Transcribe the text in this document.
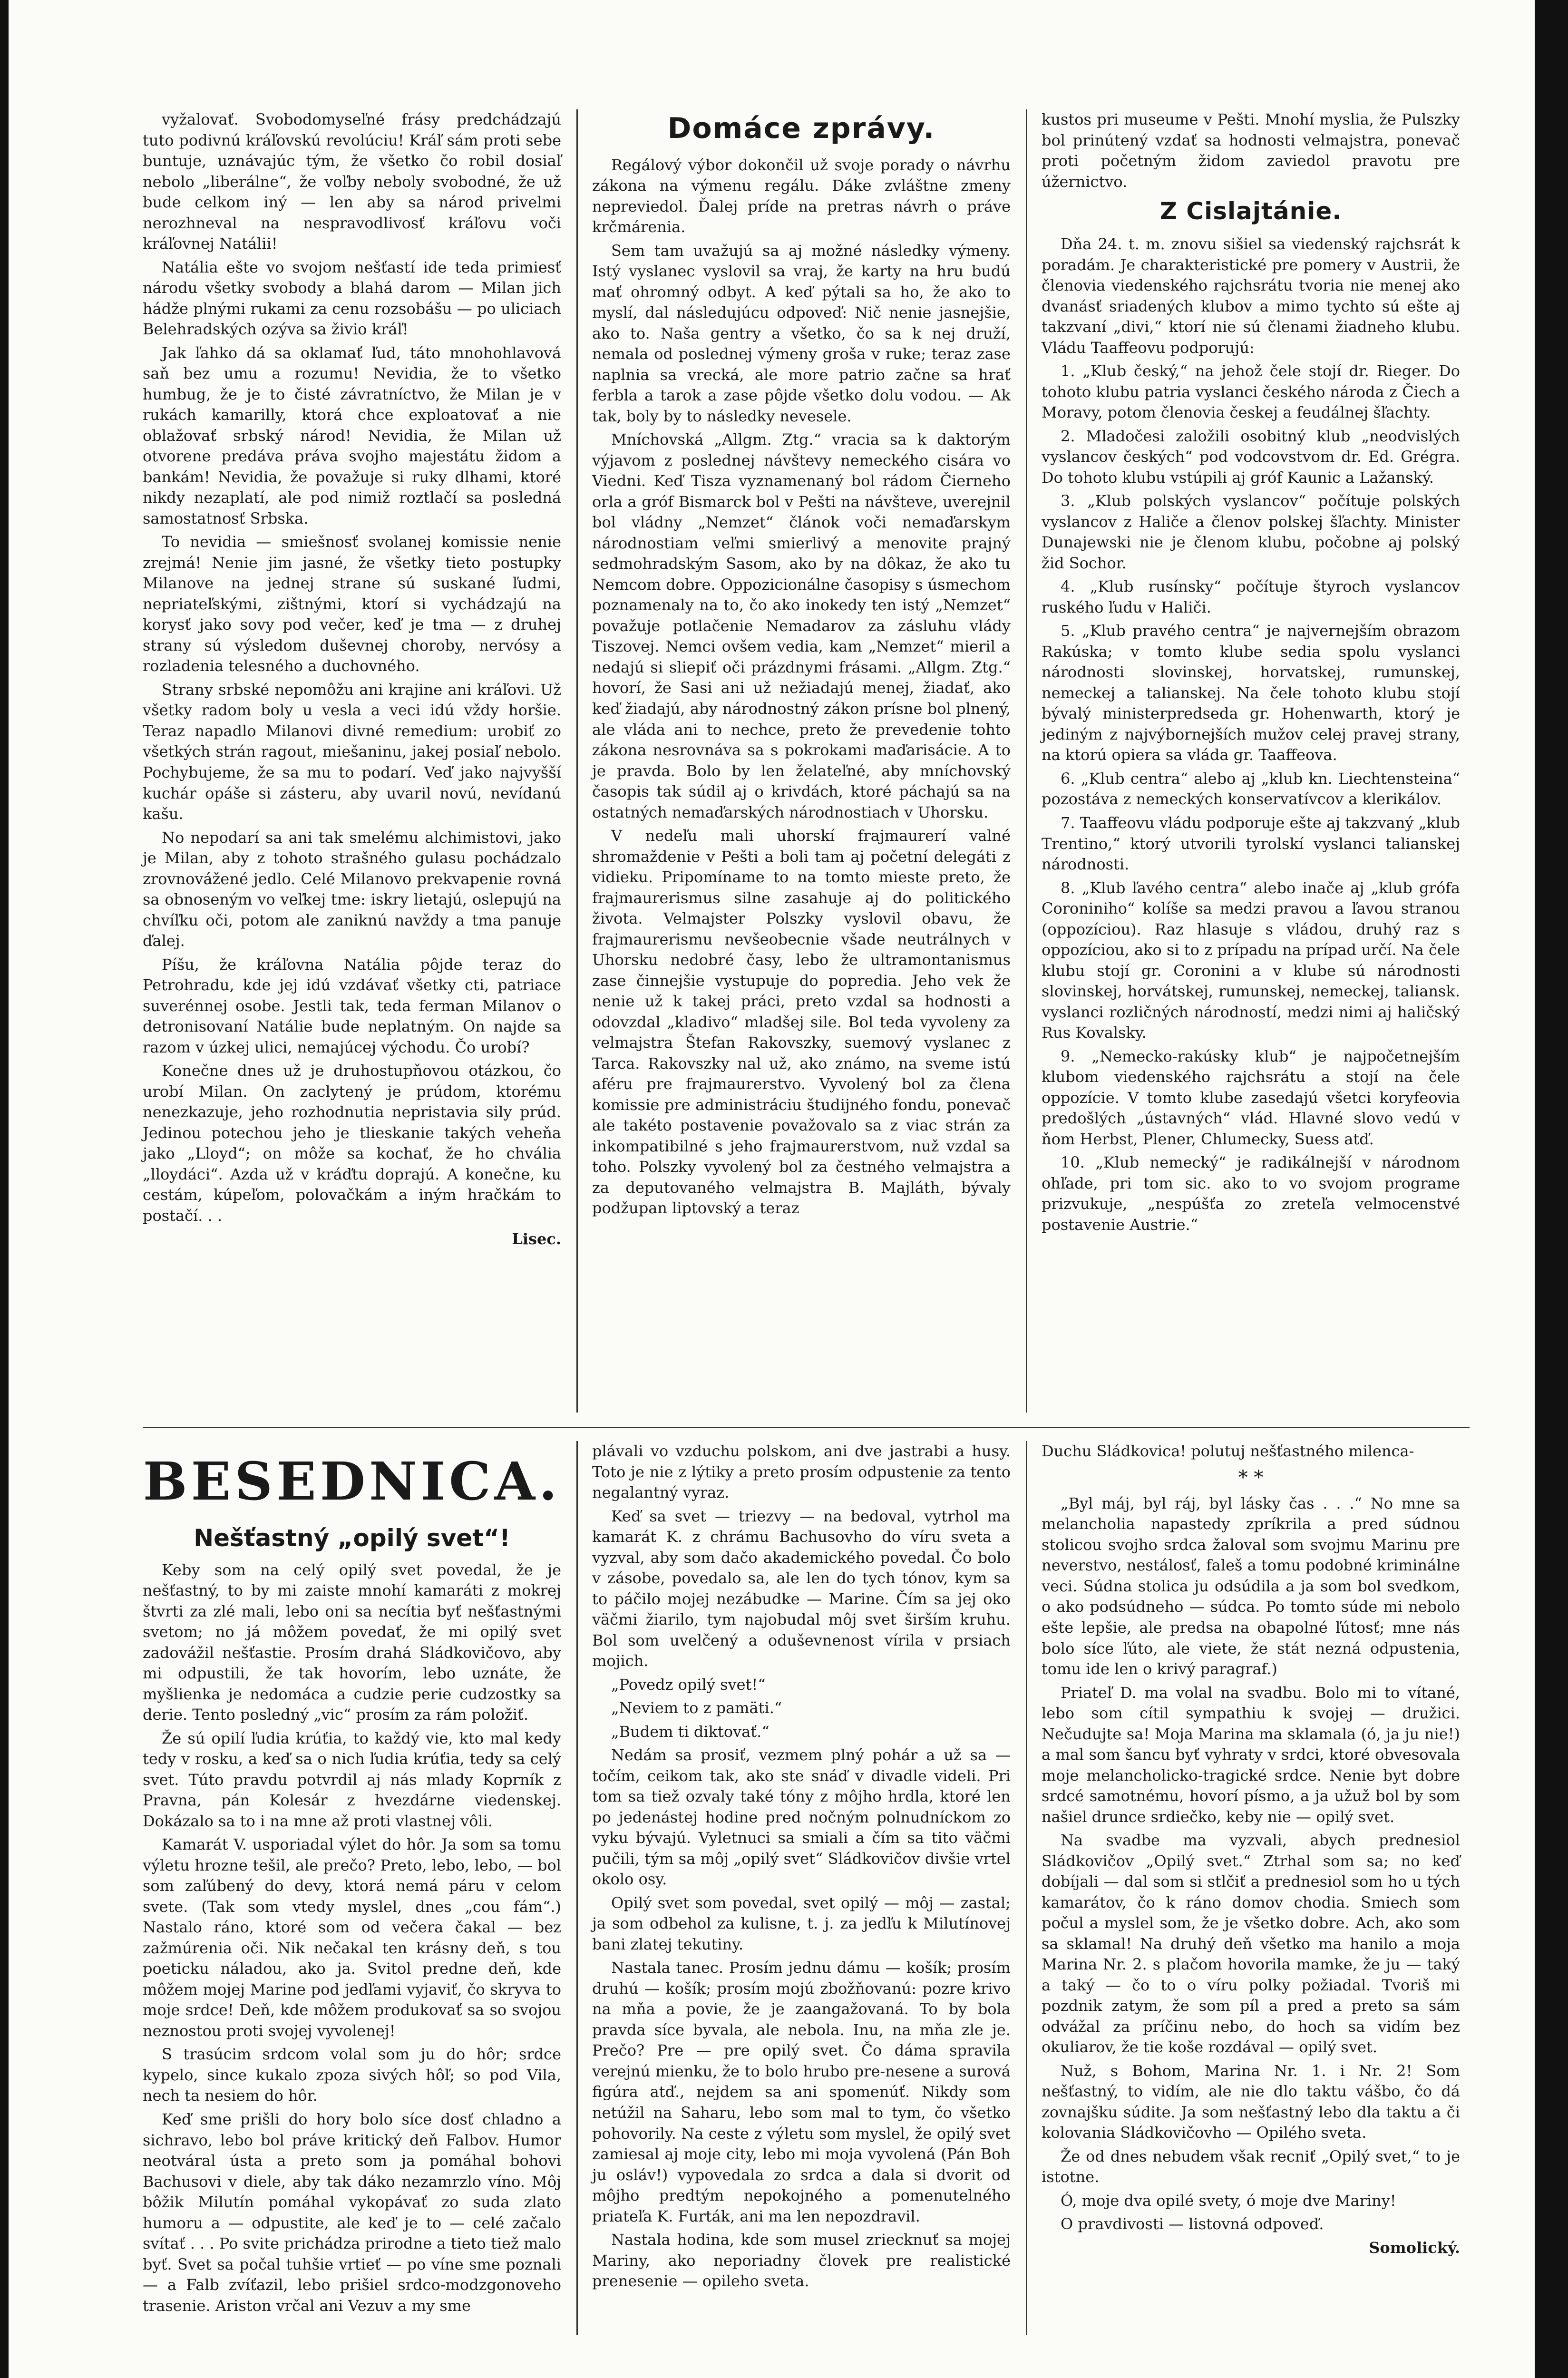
vyžalovať. Svobodomyseľné frásy predchádzajú tuto podivnú kráľovskú revolúciu! Kráľ sám proti sebe buntuje, uznávajúc tým, že všetko čo robil dosiaľ nebolo „liberálne“, že voľby neboly svobodné, že už bude celkom iný — len aby sa národ privelmi nerozhneval na nespravodlivosť kráľovu voči kráľovnej Natálii!

Natália ešte vo svojom nešťastí ide teda primiesť národu všetky svobody a blahá darom — Milan jich hádže plnými rukami za cenu rozsobášu — po uliciach Belehradských ozýva sa živio kráľ!

Jak ľahko dá sa oklamať ľud, táto mnohohlavová saň bez umu a rozumu! Nevidia, že to všetko humbug, že je to čisté závratníctvo, že Milan je v rukách kamarilly, ktorá chce exploatovať a nie oblažovať srbský národ! Nevidia, že Milan už otvorene predáva práva svojho majestátu židom a bankám! Nevidia, že považuje si ruky dlhami, ktoré nikdy nezaplatí, ale pod nimiž roztlačí sa posledná samostatnosť Srbska.

To nevidia — smiešnosť svolanej komissie nenie zrejmá! Nenie jim jasné, že všetky tieto postupky Milanove na jednej strane sú suskané ľudmi, nepriateľskými, zištnými, ktorí si vychádzajú na korysť jako sovy pod večer, keď je tma — z druhej strany sú výsledom duševnej choroby, nervósy a rozladenia telesného a duchovného.

Strany srbské nepomôžu ani krajine ani kráľovi. Už všetky radom boly u vesla a veci idú vždy horšie. Teraz napadlo Milanovi divné remedium: urobiť zo všetkých strán ragout, miešaninu, jakej posiaľ nebolo. Pochybujeme, že sa mu to podarí. Veď jako najvyšší kuchár opáše si zásteru, aby uvaril novú, nevídanú kašu.

No nepodarí sa ani tak smelému alchimistovi, jako je Milan, aby z tohoto strašného gulasu pochádzalo zrovnovážené jedlo. Celé Milanovo prekvapenie rovná sa obnoseným vo veľkej tme: iskry lietajú, oslepujú na chvíľku oči, potom ale zaniknú navždy a tma panuje ďalej.

Píšu, že kráľovna Natália pôjde teraz do Petrohradu, kde jej idú vzdávať všetky cti, patriace suverénnej osobe. Jestli tak, teda ferman Milanov o detronisovaní Natálie bude neplatným. On najde sa razom v úzkej ulici, nemajúcej východu. Čo urobí?

Konečne dnes už je druhostupňovou otázkou, čo urobí Milan. On zaclytený je prúdom, ktorému nenezkazuje, jeho rozhodnutia nepristavia sily prúd. Jedinou potechou jeho je tlieskanie takých veheňa jako „Lloyd“; on môže sa kochať, že ho chváliа „lloydáci“. Azda už v kráďtu doprajú. A konečne, ku cestám, kúpeľom, polovačkám a iným hračkám to postačí. . .

Lisec.
Domáce zprávy.

Regálový výbor dokončil už svoje porady o návrhu zákona na výmenu regálu. Dáke zvláštne zmeny nepreviedol. Ďalej príde na pretras návrh o práve krčmárenia.

Sem tam uvažujú sa aj možné následky výmeny. Istý vyslanec vyslovil sa vraj, že karty na hru budú mať ohromný odbyt. A keď pýtali sa ho, že ako to myslí, dal následujúcu odpoveď: Nič nenie jasnejšie, ako to. Naša gentry a všetko, čo sa k nej druží, nemala od poslednej výmeny groša v ruke; teraz zase naplnia sa vrecká, ale more patrio začne sa hrať ferbla a tarok a zase pôjde všetko dolu vodou. — Ak tak, boly by to následky nevesele.

Mníchovská „Allgm. Ztg.“ vracia sa k daktorým výjavom z poslednej návštevy nemeckého cisára vo Viedni. Keď Tisza vyznamenaný bol rádom Čierneho orla a gróf Bismarck bol v Pešti na návšteve, uverejnil bol vládny „Nemzet“ článok voči nemaďarskym národnostiam veľmi smierlivý a menovite prajný sedmohradským Sasom, ako by na dôkaz, že ako tu Nemcom dobre. Oppozicionálne časopisy s úsmechom poznamenaly na to, čo ako inokedy ten istý „Nemzet“ považuje potlačenie Nemadarov za zásluhu vlády Tiszovej. Nemci ovšem vedia, kam „Nemzet“ mieril a nedajú si sliepiť oči prázdnymi frásami. „Allgm. Ztg.“ hovorí, že Sasi ani už nežiadajú menej, žiadať, ako keď žiadajú, aby národnostný zákon prísne bol plnený, ale vláda ani to nechce, preto že prevedenie tohto zákona nesrovnáva sa s pokrokami maďarisácie. A to je pravda. Bolo by len želateľné, aby mníchovský časopis tak súdil aj o krivdách, ktoré páchajú sa na ostatných nemaďarských národnostiach v Uhorsku.

V nedeľu mali uhorskí frajmaurerí valné shromaždenie v Pešti a boli tam aj početní delegáti z vidieku. Pripomíname to na tomto mieste preto, že frajmaurerismus silne zasahuje aj do politického života. Velmajster Polszky vyslovil obavu, že frajmaurerismu nevšeobecnie všade neutrálnych v Uhorsku nedobré časy, lebo že ultramontanismus zase činnejšie vystupuje do popredia. Jeho vek že nenie už k takej práci, preto vzdal sa hodnosti a odovzdal „kladivo“ mladšej sile. Bol teda vyvoleny za velmajstra Štefan Rakovszky, suemový vyslanec z Tarca. Rakovszky nal už, ako známo, na sveme istú aféru pre frajmaurerstvo. Vyvolený bol za člena komissie pre administráciu študijného fondu, ponevač ale takéto postavenie považovalo sa z viac strán za inkompatibilné s jeho frajmaurerstvom, nuž vzdal sa toho. Polszky vyvolený bol za čestného velmajstra a za deputovaného velmajstra B. Majláth, bývaly podžupan liptovský a teraz

kustos pri museume v Pešti. Mnohí myslia, že Pulszky bol prinútený vzdať sa hodnosti velmajstra, ponevač proti početným židom zaviedol pravotu pre úžernictvo.

Z Cislajtánie.

Dňa 24. t. m. znovu sišiel sa viedenský rajchsrát k poradám. Je charakteristické pre pomery v Austrii, že členovia viedenského rajchsrátu tvoria nie menej ako dvanásť sriadených klubov a mimo tychto sú ešte aj takzvaní „divi,“ ktorí nie sú členami žiadneho klubu. Vládu Taaffeovu podporujú:

1. „Klub český,“ na jehož čele stojí dr. Rieger. Do tohoto klubu patria vyslanci českého národa z Čiech a Moravy, potom členovia českej a feudálnej šľachty.

2. Mladočesi založili osobitný klub „neodvislých vyslancov českých“ pod vodcovstvom dr. Ed. Grégra. Do tohoto klubu vstúpili aj gróf Kaunic a Lažanský.

3. „Klub polských vyslancov“ počítuje polských vyslancov z Haliče a členov polskej šľachty. Minister Dunajewski nie je členom klubu, počobne aj polský žid Sochor.

4. „Klub rusínsky“ počítuje štyroch vyslancov ruského ľudu v Haliči.

5. „Klub pravého centra“ je najvernejším obrazom Rakúska; v tomto klube sedia spolu vyslanci národnosti slovinskej, horvatskej, rumunskej, nemeckej a talianskej. Na čele tohoto klubu stojí bývalý ministerpredseda gr. Hohenwarth, ktorý je jediným z najvýbornejších mužov celej pravej strany, na ktorú opiera sa vláda gr. Taaffeova.

6. „Klub centra“ alebo aj „klub kn. Liechtensteina“ pozostáva z nemeckých konservatívcov a klerikálov.

7. Taaffeovu vládu podporuje ešte aj takzvaný „klub Trentino,“ ktorý utvorili tyrolskí vyslanci talianskej národnosti.

8. „Klub ľavého centra“ alebo inače aj „klub grófa Coroniniho“ kolíše sa medzi pravou a ľavou stranou (oppozíciou). Raz hlasuje s vládou, druhý raz s oppozíciou, ako si to z prípadu na prípad určí. Na čele klubu stojí gr. Coronini a v klube sú národnosti slovinskej, horvátskej, rumunskej, nemeckej, taliansk. vyslanci rozličných národností, medzi nimi aj haličský Rus Kovalsky.

9. „Nemecko-rakúsky klub“ je najpočetnejším klubom viedenského rajchsrátu a stojí na čele oppozície. V tomto klube zasedajú všetci koryfeovia predošlých „ústavných“ vlád. Hlavné slovo vedú v ňom Herbst, Plener, Chlumecky, Suess atď.

10. „Klub nemecký“ je radikálnejší v národnom ohľade, pri tom sic. ako to vo svojom programe prizvukuje, „nespúšťa zo zreteľa velmocenstvé postavenie Austrie.“

BESEDNICA.
Nešťastný „opilý svet“!

Keby som na celý opilý svet povedal, že je nešťastný, to by mi zaiste mnohí kamaráti z mokrej štvrti za zlé mali, lebo oni sa necítia byť nešťastnými svetom; no já môžem povedať, že mi opilý svet zadovážil nešťastie. Prosím drahá Sládkovičovo, aby mi odpustili, že tak hovorím, lebo uznáte, že myšlienka je nedomácа a cudzie perie cudzostky sa derie. Tento posledný „vic“ prosím za rám položiť.

Že sú opilí ľudia krúťia, to každý vie, kto mal kedy tedy v rosku, a keď sa o nich ľudia krúťia, tedy sa celý svet. Túto pravdu potvrdil aj nás mlady Koprník z Pravna, pán Kolesár z hvezdárne viedenskej. Dokázalo sa to i na mne až proti vlastnej vôli.

Kamarát V. usporiadal výlet do hôr. Ja som sa tomu výletu hrozne tešil, ale prečo? Preto, lebo, lebo, — bol som zaľúbený do devy, ktorá nemá páru v celom svete. (Tak som vtedy myslel, dnes „cou fám“.) Nastalo ráno, ktoré som od večera čakal — bez zažmúrenia oči. Nik nečakal ten krásny deň, s tou poeticku náladou, ako ja. Svitol predne deň, kde môžem mojej Marine pod jedľami vyjaviť, čo skryva to moje srdce! Deň, kde môžem produkovať sa so svojou neznostou proti svojej vyvolenej!

S trasúcim srdcom volal som ju do hôr; srdce kypelo, since kukalo zpoza sivých hôľ; so pod Vila, nech ta nesiem do hôr.

Keď sme prišli do hory bolo síce dosť chladno a sichravo, lebo bol práve kritický deň Falbov. Humor neotváral ústa a preto som ja pomáhal bohovi Bachusovi v diele, aby tak dáko nezamrzlo víno. Môj bôžik Milutín pomáhal vykopávať zo suda zlato humoru a — odpustite, ale keď je to — celé začalo svítať . . . Po svite prichádza prirodne a tieto tiež malo byť. Svet sa počal tuhšie vrtieť — po víne sme poznali — a Falb zvíťazil, lebo prišiel srdco-modzgonoveho trasenie. Ariston vrčal ani Vezuv a my sme

plávali vo vzduchu polskom, ani dve jastrabi a husy. Toto je nie z lýtiky a preto prosím odpustenie za tento negalantný vyraz.

Keď sa svet — triezvy — na bedoval, vytrhol ma kamarát K. z chrámu Bachusovho do víru sveta a vyzval, aby som dačo akademického povedal. Čo bolo v zásobe, povedalo sa, ale len do tych tónov, kym sa to páčilo mojej nezábudke — Marine. Čím sa jej oko väčmi žiarilo, tym najobudal môj svet širším kruhu. Bol som uvelčený a oduševnenost vírila v prsiach mojich.

„Povedz opilý svet!“

„Neviem to z pamäti.“

„Budem ti diktovať.“

Nedám sa prosiť, vezmem plný pohár a už sa — točím, ceikom tak, ako ste snáď v divadle videli. Pri tom sa tiež ozvaly také tóny z môjho hrdla, ktoré len po jedenástej hodine pred nočným polnudníckom zo vyku bývajú. Vyletnuci sa smiali a čím sa tito väčmi pučili, tým sa môj „opilý svet“ Sládkovičov divšie vrtel okolo osy.

Opilý svet som povedal, svet opilý — môj — zastal; ja som odbehol za kulisne, t. j. za jedľu k Milutínovej bani zlatej tekutiny.

Nastala tanec. Prosím jednu dámu — košík; prosím druhú — košík; prosím mojú zbožňovanú: pozre krivo na mňa a povie, že je zaangažovaná. To by bola pravda síce byvala, ale nebola. Inu, na mňa zle je. Prečo? Pre — pre opilý svet. Čo dáma spravila verejnú mienku, že to bolo hrubo pre-nesene a surová figúra atď., nejdem sa ani spomenúť. Nikdy som netúžil na Saharu, lebo som mal to tym, čo všetko pohovorily. Na ceste z výletu som myslel, že opilý svet zamiesal aj moje city, lebo mi moja vyvolená (Pán Boh ju osláv!) vypovedala zo srdca a dala si dvorit od môjho predtým nepokojného a pomenutelného priateľa K. Furták, ani ma len nepozdravil.

Nastala hodina, kde som musel zriecknuť sa mojej Mariny, ako neporiadny človek pre realistické prenesenie — opileho sveta.

Duchu Sládkovica! polutuj nešťastného milenca-

* *

„Byl máj, byl ráj, byl lásky čas . . .“ No mne sa melancholia napastedy zpríkrila a pred súdnou stolicou svojho srdca žaloval som svojmu Marinu pre neverstvo, nestálosť, faleš a tomu podobné kriminálne veci. Súdna stolica ju odsúdila a ja som bol svedkom, o ako podsúdneho — súdca. Po tomto súde mi nebolo ešte lepšie, ale predsa na obapolné ľútosť; mne nás bolo síce ľúto, ale viete, že stát nezná odpustenia, tomu ide len o krivý paragraf.)

Priateľ D. ma volal na svadbu. Bolo mi to vítané, lebo som cítil sympathiu k svojej — družici. Nečudujte sa! Moja Marina ma sklamala (ó, ja ju nie!) a mal som šancu byť vyhraty v srdci, ktoré obvesovala moje melancholicko-tragické srdce. Nenie byt dobre srdcé samotnému, hovorí písmo, a ja užuž bol by som našiel drunce srdiečko, keby nie — opilý svet.

Na svadbe ma vyzvali, abych prednesiol Sládkovičov „Opilý svet.“ Ztrhal som sa; no keď dobíjali — dal som si stlčiť a prednesiol som ho u tých kamarátov, čo k ráno domov chodia. Smiech som počul a myslel som, že je všetko dobre. Ach, ako som sa sklamal! Na druhý deň všetko ma hanilo a moja Marina Nr. 2. s plačom hovorila mamke, že ju — taký a taký — čo to o víru polky požiadal. Tvoriš mi pozdnik zatym, že som píl a pred a preto sa sám odvážal za príčinu nebo, do hoch sa vidím bez okuliarov, že tie koše rozdával — opilý svet.

Nuž, s Bohom, Marina Nr. 1. i Nr. 2! Som nešťastný, to vidím, ale nie dlo taktu vášbo, čo dá zovnajšku súdite. Ja som nešťastný lebo dla taktu a či kolovania Sládkovičovho — Opilého sveta.

Že od dnes nebudem však recniť „Opilý svet,“ to je istotne.

Ó, moje dva opilé svety, ó moje dve Mariny!

O pravdivosti — listovná odpoveď.

Somolický.
